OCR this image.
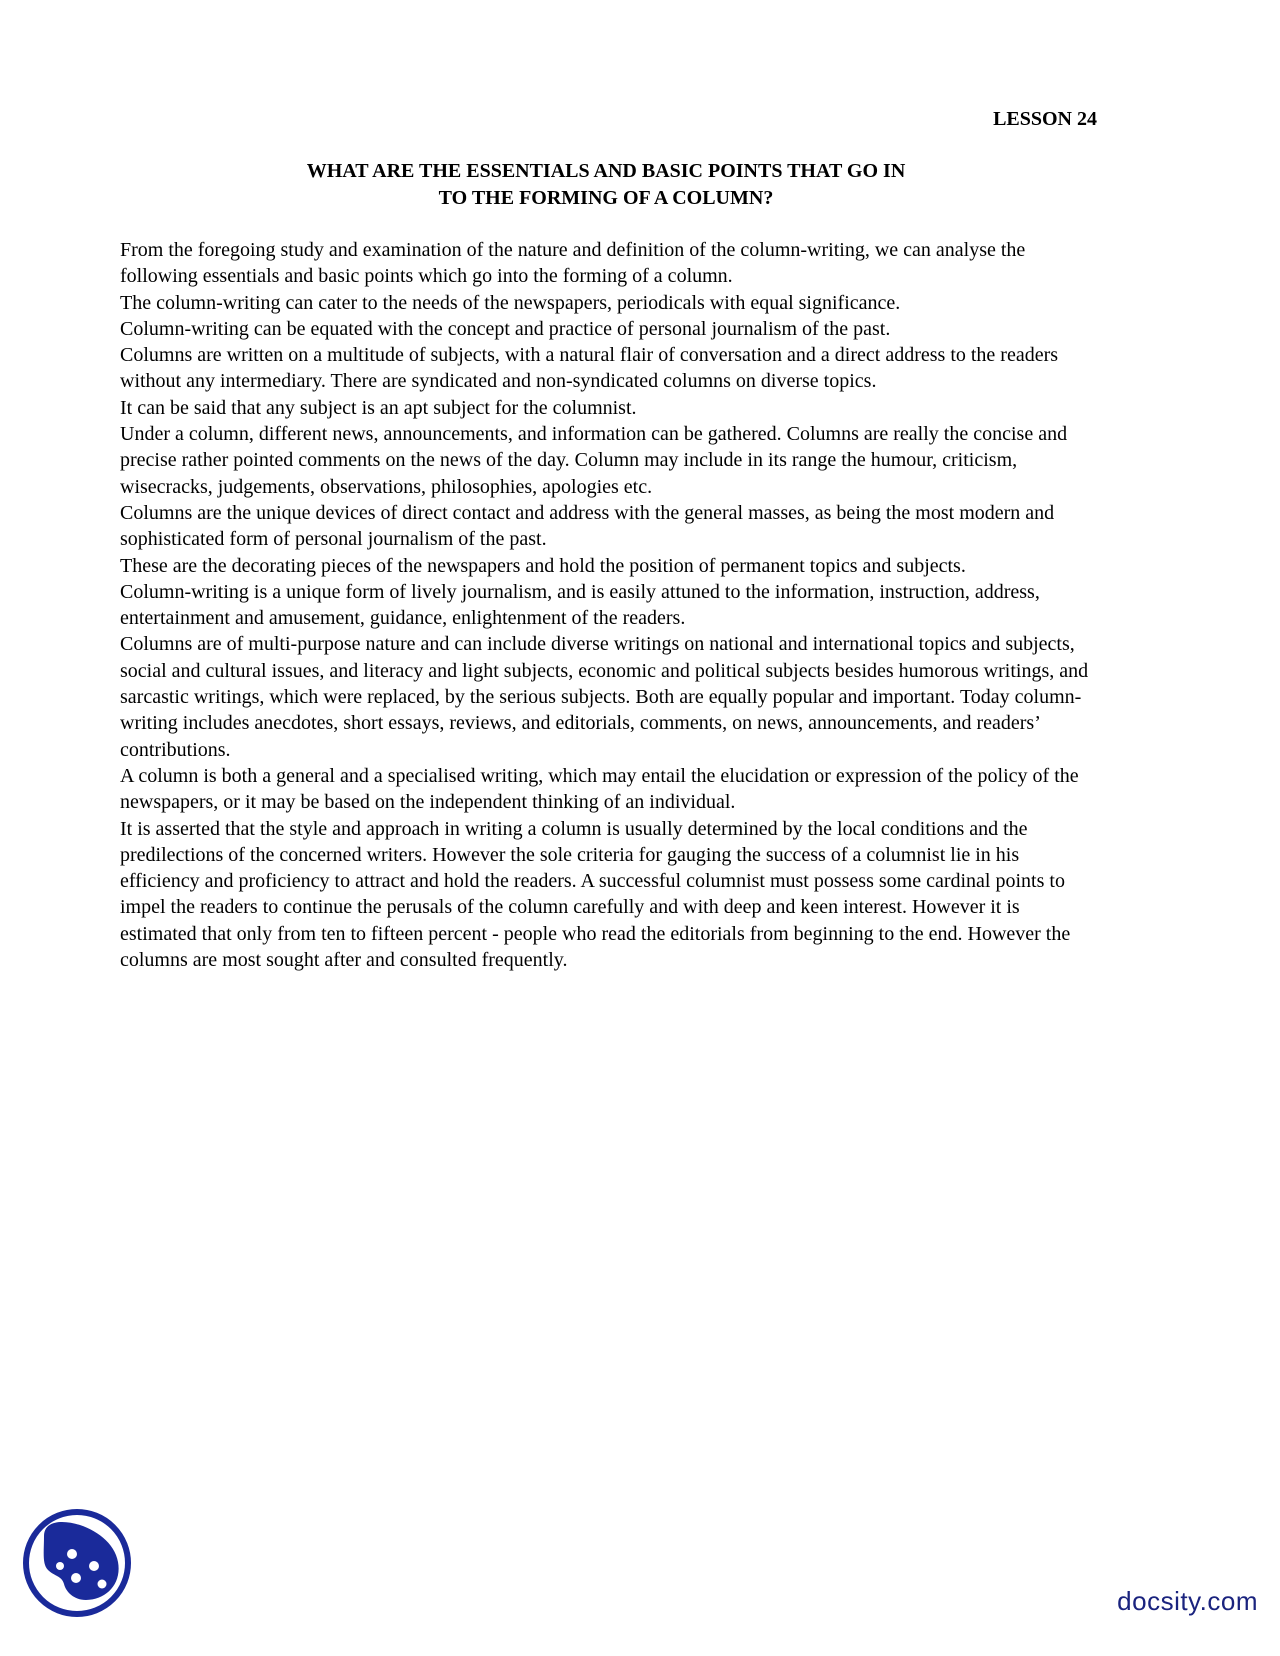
LESSON 24

WHAT ARE THE ESSENTIALS AND BASIC POINTS THAT GO IN
TO THE FORMING OF A COLUMN?

From the foregoing study and examination of the nature and definition of the column-writing, we can analyse the following essentials and basic points which go into the forming of a column.

The column-writing can cater to the needs of the newspapers, periodicals with equal significance.

Column-writing can be equated with the concept and practice of personal journalism of the past.

Columns are written on a multitude of subjects, with a natural flair of conversation and a direct address to the readers without any intermediary. There are syndicated and non-syndicated columns on diverse topics.

It can be said that any subject is an apt subject for the columnist.

Under a column, different news, announcements, and information can be gathered. Columns are really the concise and precise rather pointed comments on the news of the day. Column may include in its range the humour, criticism, wisecracks, judgements, observations, philosophies, apologies etc.

Columns are the unique devices of direct contact and address with the general masses, as being the most modern and sophisticated form of personal journalism of the past.

These are the decorating pieces of the newspapers and hold the position of permanent topics and subjects.

Column-writing is a unique form of lively journalism, and is easily attuned to the information, instruction, address, entertainment and amusement, guidance, enlightenment of the readers.

Columns are of multi-purpose nature and can include diverse writings on national and international topics and subjects, social and cultural issues, and literacy and light subjects, economic and political subjects besides humorous writings, and sarcastic writings, which were replaced, by the serious subjects. Both are equally popular and important. Today column-writing includes anecdotes, short essays, reviews, and editorials, comments, on news, announcements, and readers’ contributions.

A column is both a general and a specialised writing, which may entail the elucidation or expression of the policy of the newspapers, or it may be based on the independent thinking of an individual.

It is asserted that the style and approach in writing a column is usually determined by the local conditions and the predilections of the concerned writers. However the sole criteria for gauging the success of a columnist lie in his efficiency and proficiency to attract and hold the readers. A successful columnist must possess some cardinal points to impel the readers to continue the perusals of the column carefully and with deep and keen interest. However it is estimated that only from ten to fifteen percent - people who read the editorials from beginning to the end. However the columns are most sought after and consulted frequently.

docsity.com
